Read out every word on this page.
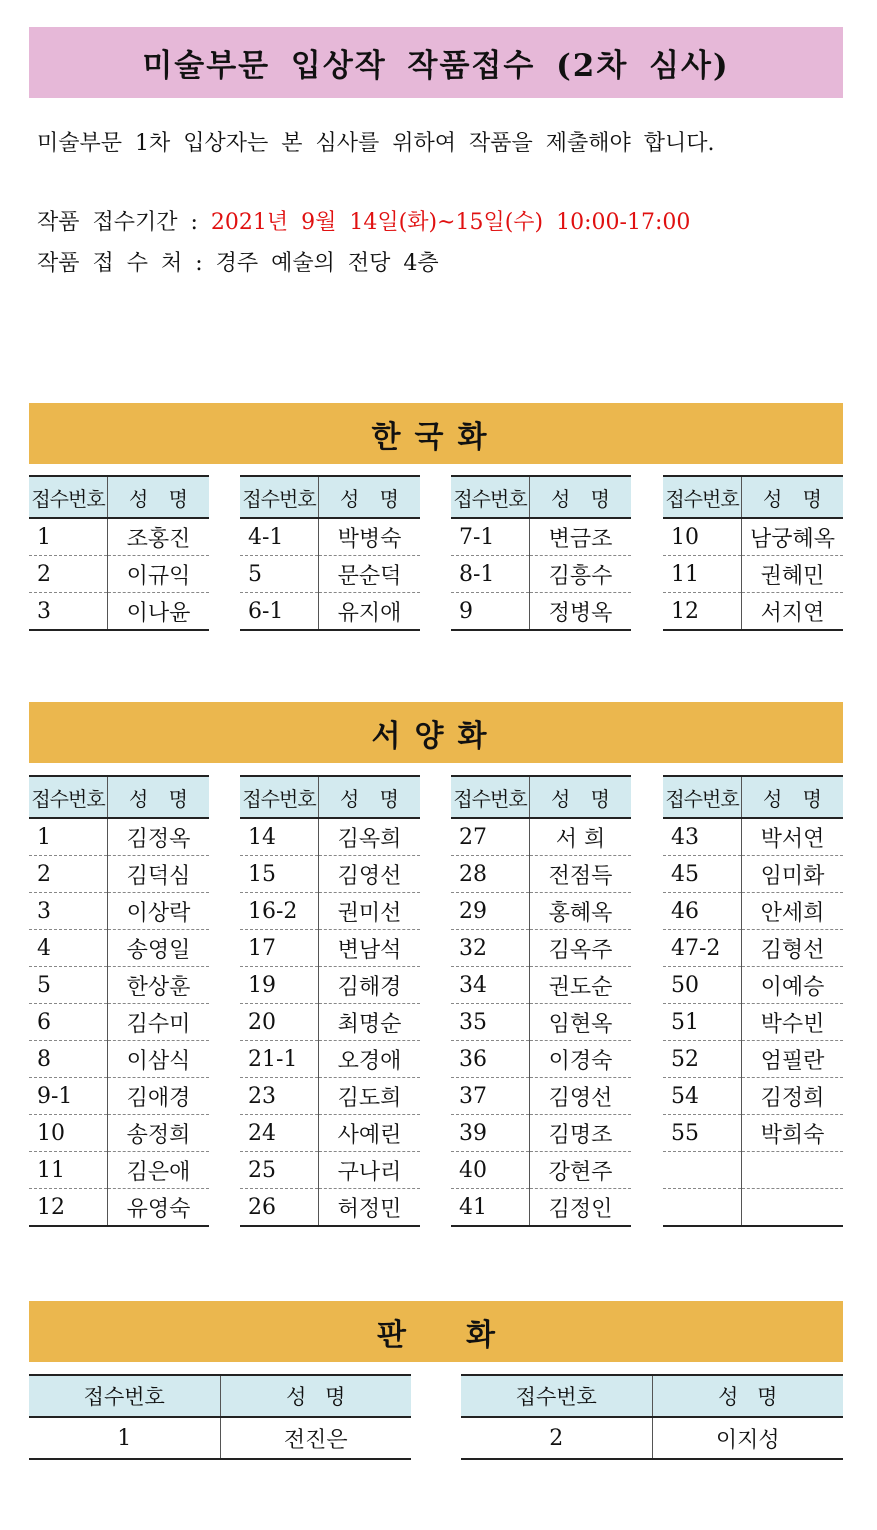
미술부문 입상작 작품접수 (2차 심사)
미술부문 1차 입상자는 본 심사를 위하여 작품을 제출해야 합니다.
작품 접수기간 : 2021년 9월 14일(화)~15일(수) 10:00-17:00
작품 접 수 처 : 경주 예술의 전당 4층
한국화
접수번호	성 명
1	조홍진
2	이규익
3	이나윤
접수번호	성 명
4-1	박병숙
5	문순덕
6-1	유지애
접수번호	성 명
7-1	변금조
8-1	김흥수
9	정병옥
접수번호	성 명
10	남궁혜옥
11	권혜민
12	서지연
서양화
접수번호	성 명
1	김정옥
2	김덕심
3	이상락
4	송영일
5	한상훈
6	김수미
8	이삼식
9-1	김애경
10	송정희
11	김은애
12	유영숙
접수번호	성 명
14	김옥희
15	김영선
16-2	권미선
17	변남석
19	김해경
20	최명순
21-1	오경애
23	김도희
24	사예린
25	구나리
26	허정민
접수번호	성 명
27	서 희
28	전점득
29	홍혜옥
32	김옥주
34	권도순
35	임현옥
36	이경숙
37	김영선
39	김명조
40	강현주
41	김정인
접수번호	성 명
43	박서연
45	임미화
46	안세희
47-2	김형선
50	이예승
51	박수빈
52	엄필란
54	김정희
55	박희숙

판화
접수번호	성 명
1	전진은
접수번호	성 명
2	이지성
